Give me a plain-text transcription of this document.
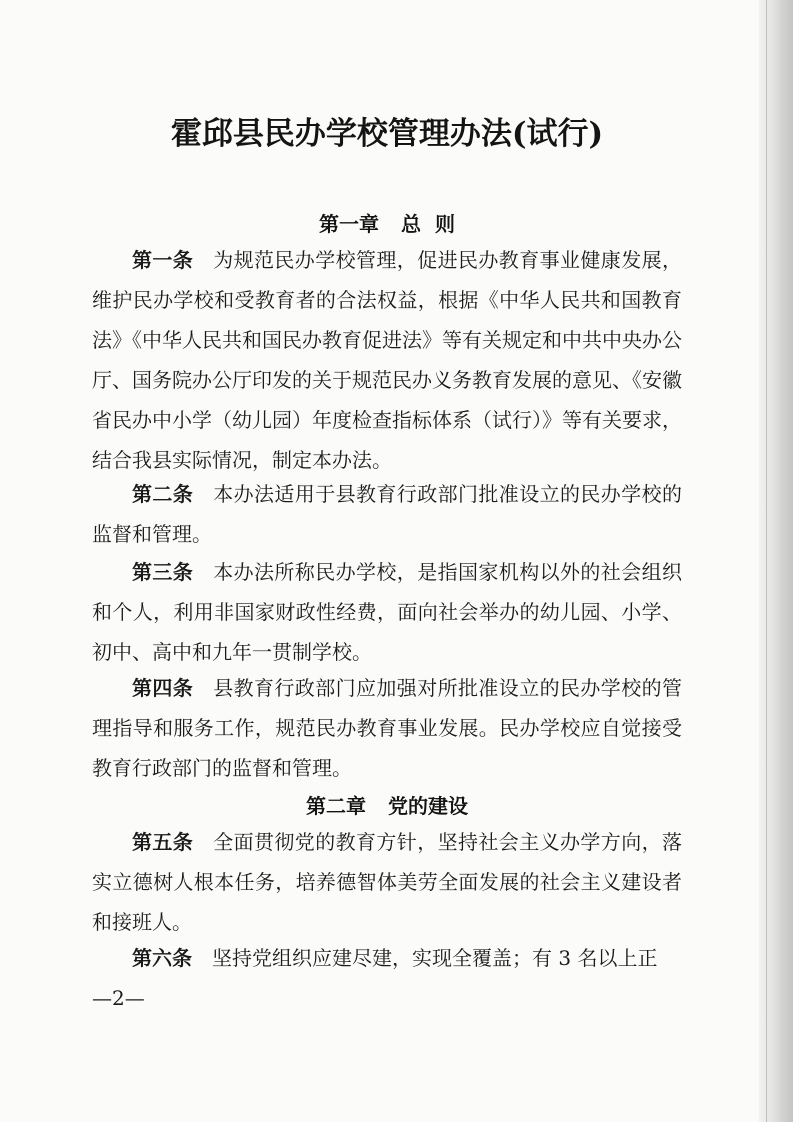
霍邱县民办学校管理办法(试行)
第一章 总  则

第一条 为规范民办学校管理，促进民办教育事业健康发展，维护民办学校和受教育者的合法权益，根据《中华人民共和国教育法》《中华人民共和国民办教育促进法》等有关规定和中共中央办公厅、国务院办公厅印发的关于规范民办义务教育发展的意见、《安徽省民办中小学（幼儿园）年度检查指标体系（试行）》等有关要求，结合我县实际情况，制定本办法。

第二条 本办法适用于县教育行政部门批准设立的民办学校的监督和管理。

第三条 本办法所称民办学校，是指国家机构以外的社会组织和个人，利用非国家财政性经费，面向社会举办的幼儿园、小学、初中、高中和九年一贯制学校。

第四条 县教育行政部门应加强对所批准设立的民办学校的管理指导和服务工作，规范民办教育事业发展。民办学校应自觉接受教育行政部门的监督和管理。

第二章 党的建设

第五条 全面贯彻党的教育方针，坚持社会主义办学方向，落实立德树人根本任务，培养德智体美劳全面发展的社会主义建设者和接班人。

第六条 坚持党组织应建尽建，实现全覆盖；有 3 名以上正

—2—
